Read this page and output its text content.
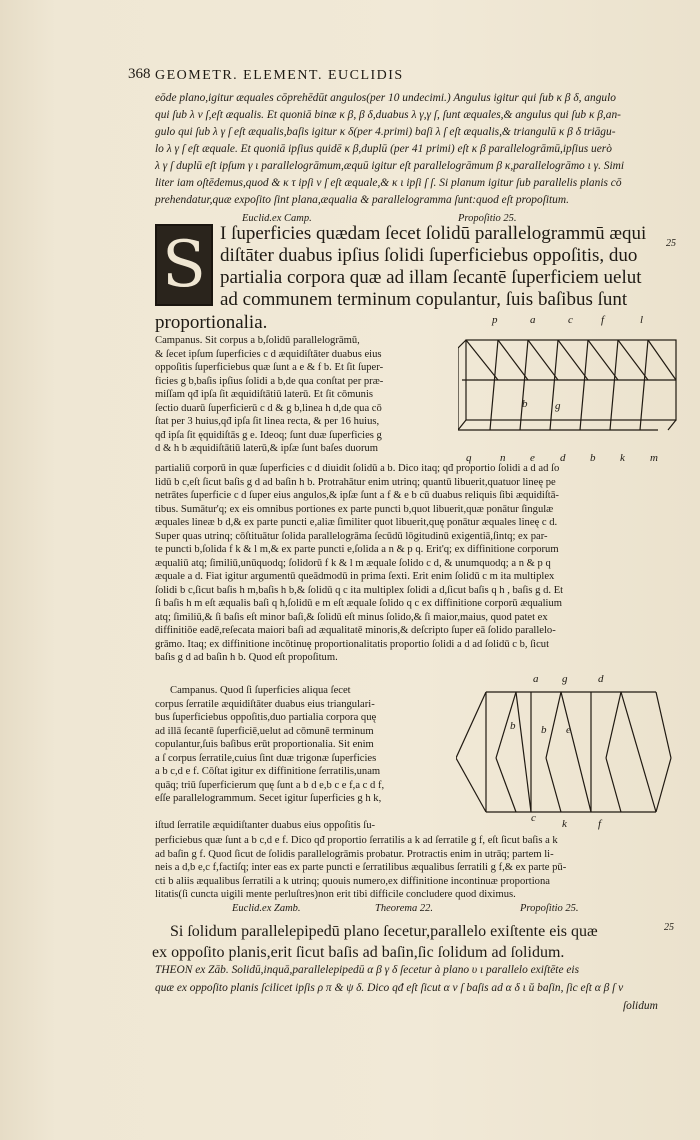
368 GEOMETR. ELEMENT. EUCLIDIS
eōde plano,igitur æquales cōprehēdūt angulos(per 10 undecimi.) Angulus igitur qui ſub κ β δ, angulo
qui ſub λ ν ſ,eſt æqualis. Et quoniā binæ κ β, β δ,duabus λ γ,γ ſ, ſunt æquales,& angulus qui ſub κ β,an-
gulo qui ſub λ γ ſ eſt æqualis,baſis igitur κ δ(per 4.primi) baſi λ ſ eſt æqualis,& triangulū κ β δ triāgu-
lo λ γ ſ eſt æquale. Et quoniā ipſius quidē κ β,duplū (per 41 primi) eſt κ β parallelogrāmū,ipſius uerò
λ γ ſ duplū eſt ipſum γ ι parallelogrāmum,æquū igitur eſt parallelogrāmum β κ,parallelogrāmo ι γ. Simi
liter iam oſtēdemus,quod & κ τ ipſi ν ſ eſt æquale,& κ ι ipſi ſ ſ. Si planum igitur ſub parallelis planis cō
prehendatur,quæ expoſito ſint plana,æqualia & parallelogramma ſunt:quod eſt propoſitum.
Euclid.ex Camp.	Propoſitio 25.
S I ſuperficies quædam ſecet ſolidū parallelogrammū æqui
diſtāter duabus ipſius ſolidi ſuperficiebus oppoſitis, duo
partialia corpora quæ ad illam ſecantē ſuperficiem uelut
ad communem terminum copulantur, ſuis baſibus ſunt
proportionalia.
25
p	a	c	f	l
b	g
q	n e d b k m
Campanus. Sit corpus a b,ſolidū parallelogrāmū,
& ſecet ipſum ſuperficies c d æquidiſtāter duabus eius
oppoſitis ſuperficiebus quæ ſunt a e & f b. Et ſit ſuper-
ficies g b,baſis ipſius ſolidi a b,de qua conſtat per præ-
miſſam qđ ipſa ſit æquidiſtātiū laterū. Et ſit cōmunis
ſectio duarū ſuperficierū c d & g b,linea h d,de qua cō
ſtat per 3 huius,qđ ipſa ſit linea recta, & per 16 huius,
qđ ipſa ſit ęquidiſtās g e. Ideoq; ſunt duæ ſuperficies g
d & h b æquidiſtātiū laterū,& ipſæ ſunt baſes duorum
partialiū corporū in quæ ſuperficies c d diuidit ſolidū a b. Dico itaq; qđ proportio ſolidi a d ad ſo
lidū b c,eſt ſicut baſis g d ad baſin h b. Protrahātur enim utrinq; quantū libuerit,quatuor lineę pe
netrātes ſuperficie c d ſuper eius angulos,& ipſæ ſunt a f & e b cū duabus reliquis ſibi æquidiſtā-
tibus. Sumātur'q; ex eis omnibus portiones ex parte puncti b,quot libuerit,quæ ponātur ſingulæ
æquales lineæ b d,& ex parte puncti e,aliæ ſimiliter quot libuerit,quę ponātur æquales lineę c d.
Super quas utrinq; cōſtituātur ſolida parallelogrāma ſecūdū lōgitudinū exigentiā,ſintq; ex par-
te puncti b,ſolida f k & l m,& ex parte puncti e,ſolida a n & p q. Erit'q; ex diffinitione corporum
æqualiū atq; ſimiliū,unūquodq; ſolidorū f k & l m æquale ſolido c d, & unumquodq; a n & p q
æquale a d. Fiat igitur argumentū queādmodū in prima ſexti. Erit enim ſolidū c m ita multiplex
ſolidi b c,ſicut baſis h m,baſis h b,& ſolidū q c ita multiplex ſolidi a d,ſicut baſis q h , baſis g d. Et
ſi baſis h m eſt æqualis baſi q h,ſolidū e m eſt æquale ſolido q c ex diffinitione corporū æqualium
atq; ſimiliū,& ſi baſis eſt minor baſi,& ſolidū eſt minus ſolido,& ſi maior,maius, quod patet ex
diffinitiōe eadē,reſecata maiori baſi ad æqualitatē minoris,& deſcripto ſuper eā ſolido parallelo-
grāmo. Itaq; ex diffinitione incōtinuę proportionalitatis proportio ſolidi a d ad ſolidū c b, ſicut
baſis g d ad baſin h b. Quod eſt propoſitum.
a g	d
b b e
c k	f
Campanus. Quod ſi ſuperficies aliqua ſecet
corpus ſerratile æquidiſtāter duabus eius triangulari-
bus ſuperficiebus oppoſitis,duo partialia corpora quę
ad illā ſecantē ſuperficiē,uelut ad cōmunē terminum
copulantur,ſuis baſibus erūt proportionalia. Sit enim
a ſ corpus ſerratile,cuius ſint duæ trigonæ ſuperficies
a b c,d e f. Cōſtat igitur ex diffinitione ſerratilis,unam
quāq; triū ſuperficierum quę ſunt a b d e,b c e f,a c d f,
eſſe parallelogrammum. Secet igitur ſuperficies g h k,
iſtud ſerratile æquidiſtanter duabus eius oppoſitis ſu-
perficiebus quæ ſunt a b c,d e f. Dico qđ proportio ſerratilis a k ad ſerratile g f, eſt ſicut baſis a k
ad baſin g f. Quod ſicut de ſolidis parallelogrāmis probatur. Protractis enim in utrāq; partem li-
neis a d,b e,c f,factiſq; inter eas ex parte puncti e ſerratilibus æqualibus ſerratili g f,& ex parte pū-
cti b aliis æqualibus ſerratili a k utrinq; quouis numero,ex diffinitione incontinuæ proportiona
litatis(ſi cuncta uigili mente perluſtres)non erit tibi difficile concludere quod diximus.
Euclid.ex Zamb.	Theorema 22.	Propoſitio 25.
Si ſolidum parallelepipedū plano ſecetur,parallelo exiſtente eis quæ
ex oppoſito planis,erit ſicut baſis ad baſin,ſic ſolidum ad ſolidum.
25
THEON ex Zāb. Solidū,inquā,parallelepipedū α β γ δ ſecetur à plano υ ι parallelo exiſtēte eis
quæ ex oppoſito planis ſcilicet ipſis ρ π & ψ δ. Dico qđ eſt ſicut α ν ſ baſis ad α δ ι ŭ baſin, ſic eſt α β ſ ν
ſolidum
